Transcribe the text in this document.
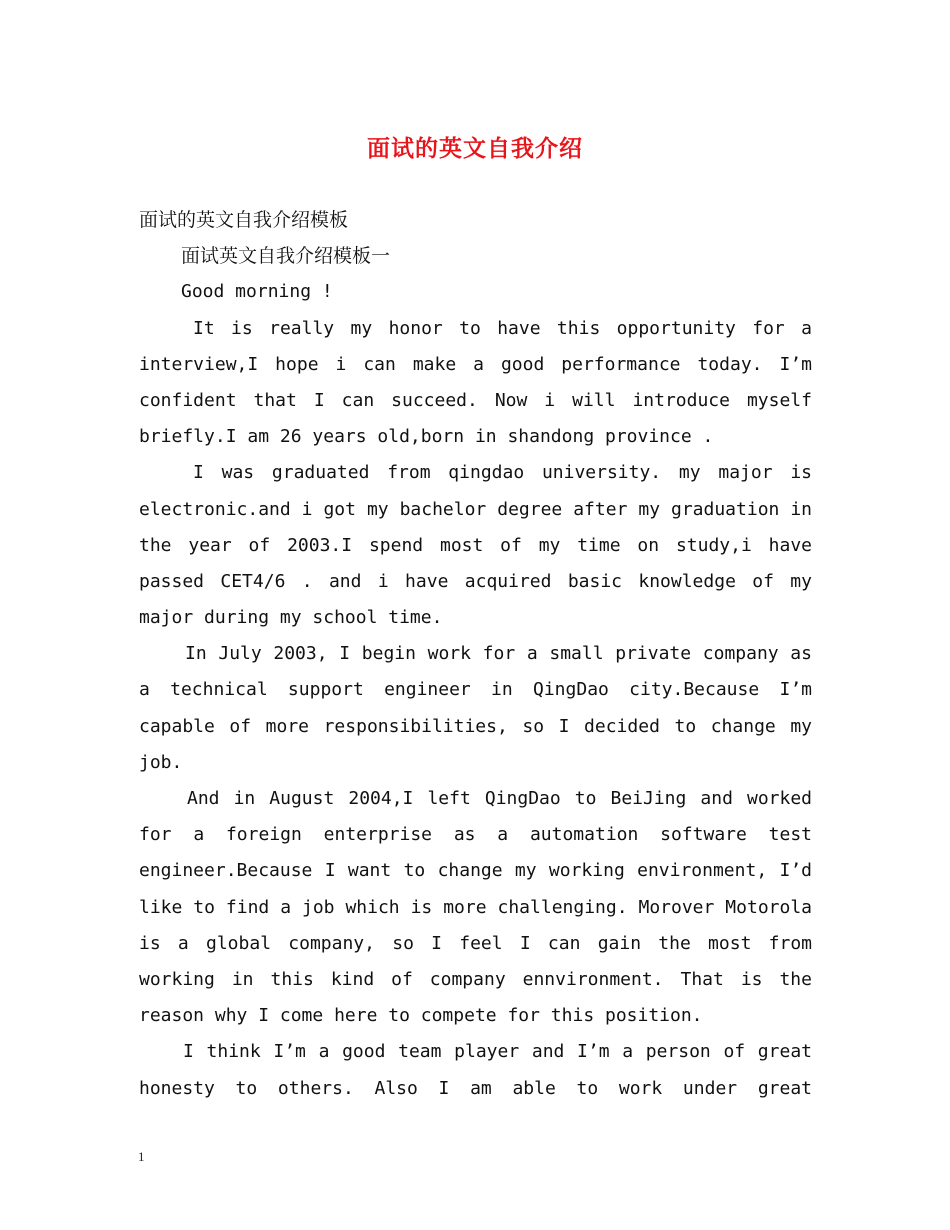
面试的英文自我介绍
面试的英文自我介绍模板
面试英文自我介绍模板一
Good morning !
It is really my honor to have this opportunity for a
interview,I hope i can make a good performance today. I’m
confident that I can succeed. Now i will introduce myself
briefly.I am 26 years old,born in shandong province .
I was graduated from qingdao university. my major is
electronic.and i got my bachelor degree after my graduation in
the year of 2003.I spend most of my time on study,i have
passed CET4/6 . and i have acquired basic knowledge of my
major during my school time.
In July 2003, I begin work for a small private company as
a technical support engineer in QingDao city.Because I’m
capable of more responsibilities, so I decided to change my
job.
And in August 2004,I left QingDao to BeiJing and worked
for a foreign enterprise as a automation software test
engineer.Because I want to change my working environment, I’d
like to find a job which is more challenging. Morover Motorola
is a global company, so I feel I can gain the most from
working in this kind of company ennvironment. That is the
reason why I come here to compete for this position.
I think I’m a good team player and I’m a person of great
honesty to others. Also I am able to work under great
1
